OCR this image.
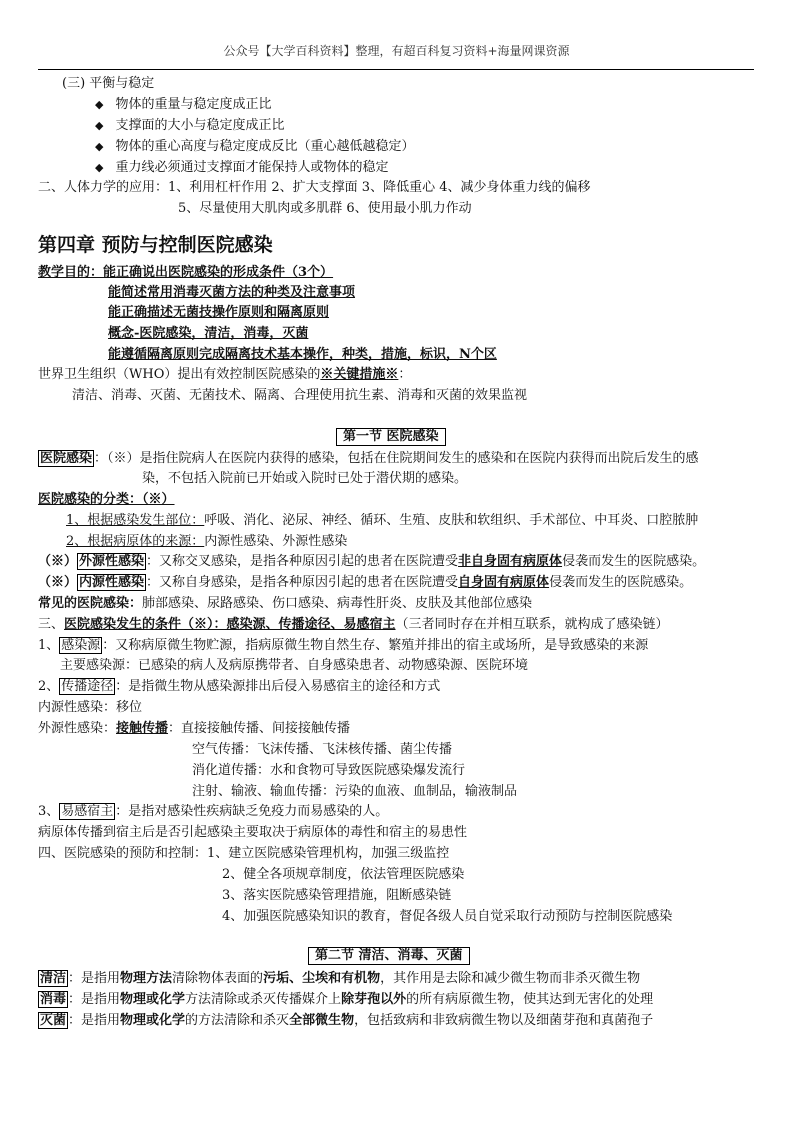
公众号【大学百科资料】整理，有超百科复习资料+海量网课资源
(三) 平衡与稳定
◆ 物体的重量与稳定度成正比
◆ 支撑面的大小与稳定度成正比
◆ 物体的重心高度与稳定度成反比（重心越低越稳定）
◆ 重力线必须通过支撑面才能保持人或物体的稳定
二、人体力学的应用：1、利用杠杆作用 2、扩大支撑面 3、降低重心 4、减少身体重力线的偏移
5、尽量使用大肌肉或多肌群 6、使用最小肌力作动
第四章 预防与控制医院感染
教学目的：能正确说出医院感染的形成条件（3个）
能简述常用消毒灭菌方法的种类及注意事项
能正确描述无菌技操作原则和隔离原则
概念-医院感染，清洁，消毒，灭菌
能遵循隔离原则完成隔离技术基本操作，种类，措施，标识，N个区
世界卫生组织（WHO）提出有效控制医院感染的※关键措施※：
清洁、消毒、灭菌、无菌技术、隔离、合理使用抗生素、消毒和灭菌的效果监视
第一节 医院感染
医院感染 ：（※）是指住院病人在医院内获得的感染，包括在住院期间发生的感染和在医院内获得而出院后发生的感
染，不包括入院前已开始或入院时已处于潜伏期的感染。
医院感染的分类：（※）
1、根据感染发生部位：呼吸、消化、泌尿、神经、循环、生殖、皮肤和软组织、手术部位、中耳炎、口腔脓肿
2、根据病原体的来源：内源性感染、外源性感染
（※） 外源性感染 ：又称交叉感染，是指各种原因引起的患者在医院遭受非自身固有病原体侵袭而发生的医院感染。
（※） 内源性感染 ：又称自身感染，是指各种原因引起的患者在医院遭受自身固有病原体侵袭而发生的医院感染。
常见的医院感染：肺部感染、尿路感染、伤口感染、病毒性肝炎、皮肤及其他部位感染
三、医院感染发生的条件（※）：感染源、传播途径、易感宿主（三者同时存在并相互联系，就构成了感染链）
1、 感染源 ：又称病原微生物贮源，指病原微生物自然生存、繁殖并排出的宿主或场所，是导致感染的来源
主要感染源：已感染的病人及病原携带者、自身感染患者、动物感染源、医院环境
2、 传播途径 ：是指微生物从感染源排出后侵入易感宿主的途径和方式
内源性感染：移位
外源性感染：接触传播：直接接触传播、间接接触传播
空气传播：飞沫传播、飞沫核传播、菌尘传播
消化道传播：水和食物可导致医院感染爆发流行
注射、输液、输血传播：污染的血液、血制品，输液制品
3、 易感宿主 ：是指对感染性疾病缺乏免疫力而易感染的人。
病原体传播到宿主后是否引起感染主要取决于病原体的毒性和宿主的易患性
四、医院感染的预防和控制：1、建立医院感染管理机构，加强三级监控
2、健全各项规章制度，依法管理医院感染
3、落实医院感染管理措施，阻断感染链
4、加强医院感染知识的教育，督促各级人员自觉采取行动预防与控制医院感染
第二节 清洁、消毒、灭菌
清洁 ：是指用物理方法清除物体表面的污垢、尘埃和有机物，其作用是去除和减少微生物而非杀灭微生物
消毒 ：是指用物理或化学方法清除或杀灭传播媒介上除芽孢以外的所有病原微生物，使其达到无害化的处理
灭菌 ：是指用物理或化学的方法清除和杀灭全部微生物，包括致病和非致病微生物以及细菌芽孢和真菌孢子
